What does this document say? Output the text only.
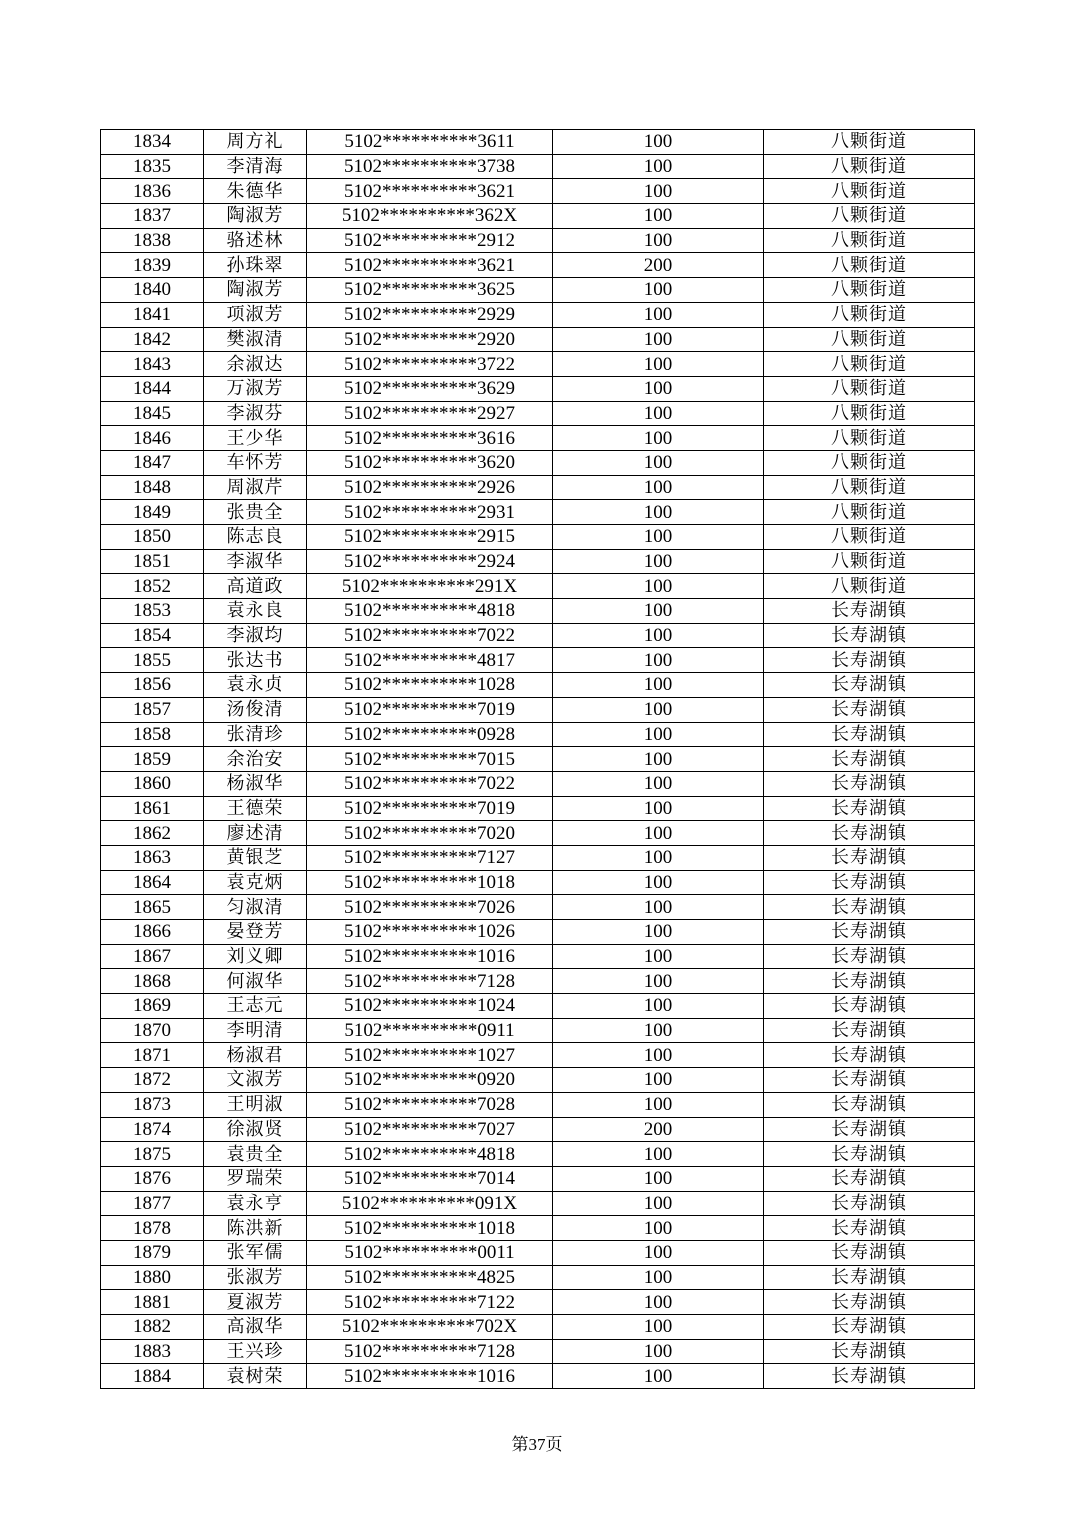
1834	周方礼	5102**********3611	100	八颗街道
1835	李清海	5102**********3738	100	八颗街道
1836	朱德华	5102**********3621	100	八颗街道
1837	陶淑芳	5102**********362X	100	八颗街道
1838	骆述林	5102**********2912	100	八颗街道
1839	孙珠翠	5102**********3621	200	八颗街道
1840	陶淑芳	5102**********3625	100	八颗街道
1841	项淑芳	5102**********2929	100	八颗街道
1842	樊淑清	5102**********2920	100	八颗街道
1843	余淑达	5102**********3722	100	八颗街道
1844	万淑芳	5102**********3629	100	八颗街道
1845	李淑芬	5102**********2927	100	八颗街道
1846	王少华	5102**********3616	100	八颗街道
1847	车怀芳	5102**********3620	100	八颗街道
1848	周淑芹	5102**********2926	100	八颗街道
1849	张贵全	5102**********2931	100	八颗街道
1850	陈志良	5102**********2915	100	八颗街道
1851	李淑华	5102**********2924	100	八颗街道
1852	高道政	5102**********291X	100	八颗街道
1853	袁永良	5102**********4818	100	长寿湖镇
1854	李淑均	5102**********7022	100	长寿湖镇
1855	张达书	5102**********4817	100	长寿湖镇
1856	袁永贞	5102**********1028	100	长寿湖镇
1857	汤俊清	5102**********7019	100	长寿湖镇
1858	张清珍	5102**********0928	100	长寿湖镇
1859	余治安	5102**********7015	100	长寿湖镇
1860	杨淑华	5102**********7022	100	长寿湖镇
1861	王德荣	5102**********7019	100	长寿湖镇
1862	廖述清	5102**********7020	100	长寿湖镇
1863	黄银芝	5102**********7127	100	长寿湖镇
1864	袁克炳	5102**********1018	100	长寿湖镇
1865	匀淑清	5102**********7026	100	长寿湖镇
1866	晏登芳	5102**********1026	100	长寿湖镇
1867	刘义卿	5102**********1016	100	长寿湖镇
1868	何淑华	5102**********7128	100	长寿湖镇
1869	王志元	5102**********1024	100	长寿湖镇
1870	李明清	5102**********0911	100	长寿湖镇
1871	杨淑君	5102**********1027	100	长寿湖镇
1872	文淑芳	5102**********0920	100	长寿湖镇
1873	王明淑	5102**********7028	100	长寿湖镇
1874	徐淑贤	5102**********7027	200	长寿湖镇
1875	袁贵全	5102**********4818	100	长寿湖镇
1876	罗瑞荣	5102**********7014	100	长寿湖镇
1877	袁永亨	5102**********091X	100	长寿湖镇
1878	陈洪新	5102**********1018	100	长寿湖镇
1879	张军儒	5102**********0011	100	长寿湖镇
1880	张淑芳	5102**********4825	100	长寿湖镇
1881	夏淑芳	5102**********7122	100	长寿湖镇
1882	高淑华	5102**********702X	100	长寿湖镇
1883	王兴珍	5102**********7128	100	长寿湖镇
1884	袁树荣	5102**********1016	100	长寿湖镇
第37页
